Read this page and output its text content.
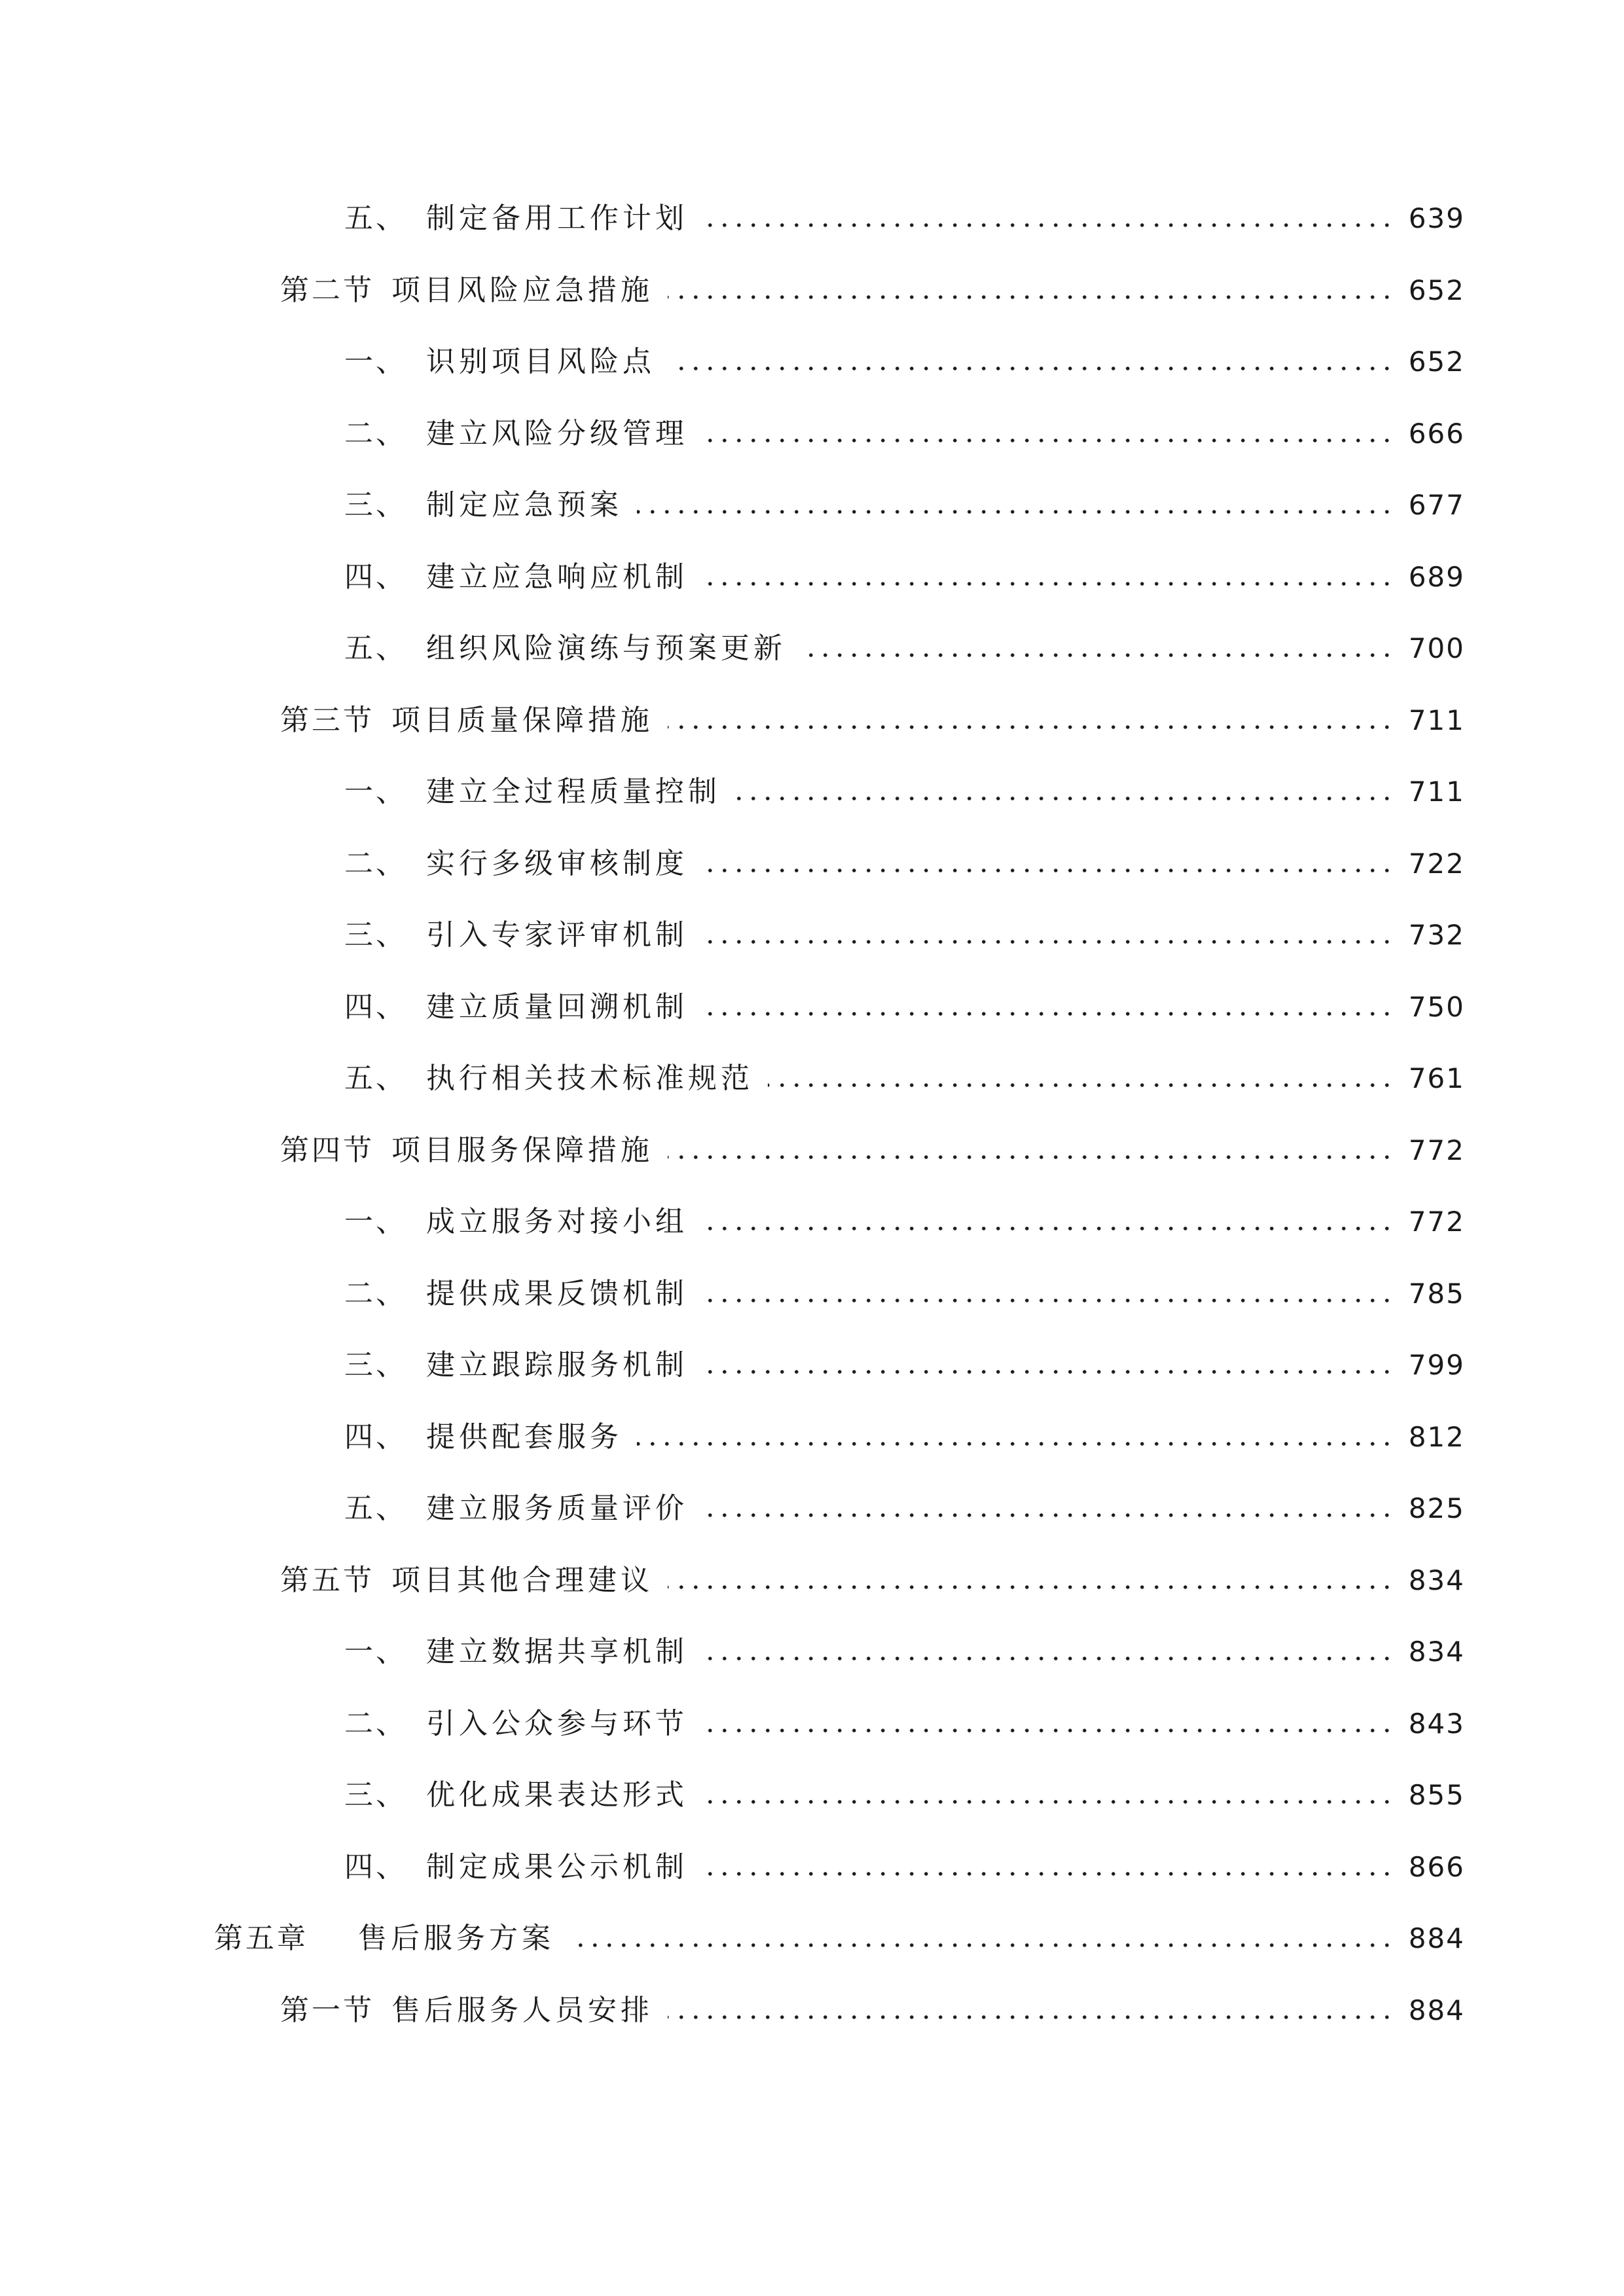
五、 制定备用工作计划	639
第二节 项目风险应急措施	652
一、 识别项目风险点	652
二、 建立风险分级管理	666
三、 制定应急预案	677
四、 建立应急响应机制	689
五、 组织风险演练与预案更新	700
第三节 项目质量保障措施	711
一、 建立全过程质量控制	711
二、 实行多级审核制度	722
三、 引入专家评审机制	732
四、 建立质量回溯机制	750
五、 执行相关技术标准规范	761
第四节 项目服务保障措施	772
一、 成立服务对接小组	772
二、 提供成果反馈机制	785
三、 建立跟踪服务机制	799
四、 提供配套服务	812
五、 建立服务质量评价	825
第五节 项目其他合理建议	834
一、 建立数据共享机制	834
二、 引入公众参与环节	843
三、 优化成果表达形式	855
四、 制定成果公示机制	866
第五章	售后服务方案	884
第一节 售后服务人员安排	884
